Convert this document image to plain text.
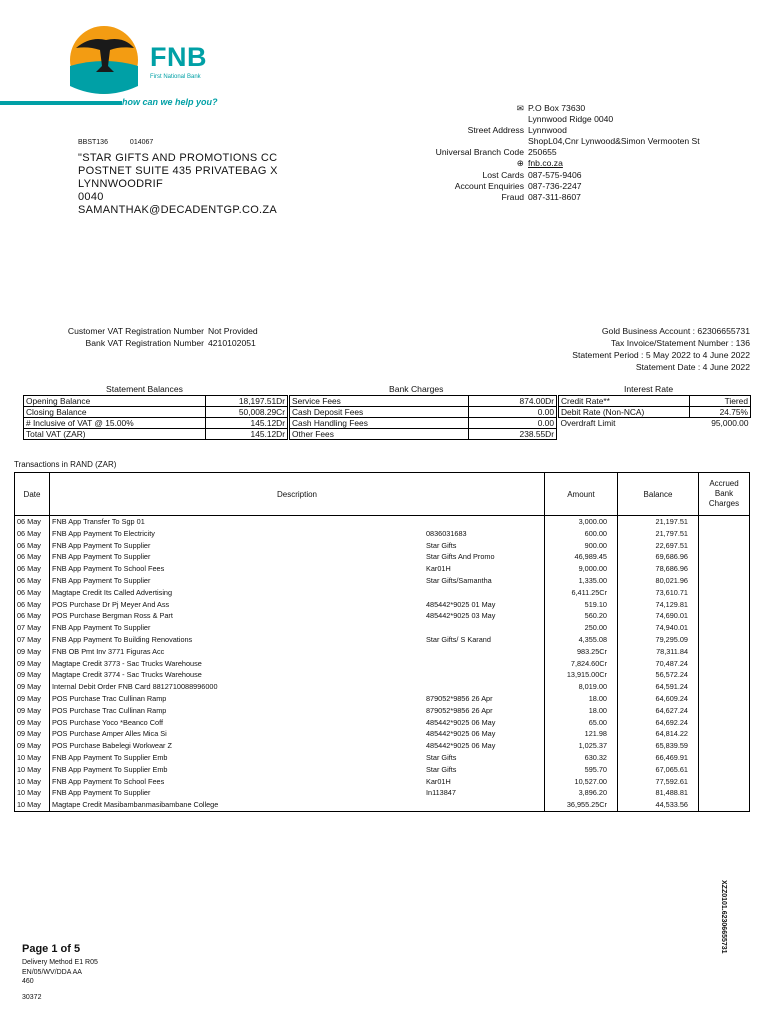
FNB
First National Bank
how can we help you?
BBST136	014067
"STAR GIFTS AND PROMOTIONS CC
POSTNET SUITE 435 PRIVATEBAG X
LYNNWOODRIF
0040
SAMANTHAK@DECADENTGP.CO.ZA
✉ P.O Box 73630
Lynnwood Ridge 0040
Street Address Lynnwood
ShopL04,Cnr Lynwood&Simon Vermooten St
Universal Branch Code 250655
⊕ fnb.co.za
Lost Cards 087-575-9406
Account Enquiries 087-736-2247
Fraud 087-311-8607
Customer VAT Registration Number Not Provided
Bank VAT Registration Number 4210102051
Gold Business Account : 62306655731
Tax Invoice/Statement Number : 136
Statement Period : 5 May 2022 to 4 June 2022
Statement Date : 4 June 2022
Statement Balances	Bank Charges	Interest Rate
Opening Balance	18,197.51Dr
Closing Balance	50,008.29Cr
# Inclusive of VAT @ 15.00%	145.12Dr
Total VAT (ZAR)	145.12Dr
Service Fees	874.00Dr
Cash Deposit Fees	0.00
Cash Handling Fees	0.00
Other Fees	238.55Dr
Credit Rate**	Tiered
Debit Rate (Non-NCA)	24.75%
Overdraft Limit	95,000.00
Transactions in RAND (ZAR)
Date	Description		Amount	Balance	Accrued Bank Charges
06 May	FNB App Transfer To Sgp 01		3,000.00	21,197.51	
06 May	FNB App Payment To Electricity	0836031683	600.00	21,797.51	
06 May	FNB App Payment To Supplier	Star Gifts	900.00	22,697.51	
06 May	FNB App Payment To Supplier	Star Gifts And Promo	46,989.45	69,686.96	
06 May	FNB App Payment To School Fees	Kar01H	9,000.00	78,686.96	
06 May	FNB App Payment To Supplier	Star Gifts/Samantha	1,335.00	80,021.96	
06 May	Magtape Credit Its Called Advertising		6,411.25Cr	73,610.71	
06 May	POS Purchase Dr Pj Meyer And Ass	485442*9025 01 May	519.10	74,129.81	
06 May	POS Purchase Bergman Ross & Part	485442*9025 03 May	560.20	74,690.01	
07 May	FNB App Payment To Supplier		250.00	74,940.01	
07 May	FNB App Payment To Building Renovations	Star Gifts/ S Karand	4,355.08	79,295.09	
09 May	FNB OB Pmt Inv 3771 Figuras Acc		983.25Cr	78,311.84	
09 May	Magtape Credit 3773 - Sac Trucks Warehouse		7,824.60Cr	70,487.24	
09 May	Magtape Credit 3774 - Sac Trucks Warehouse		13,915.00Cr	56,572.24	
09 May	Internal Debit Order FNB Card 8812710088996000		8,019.00	64,591.24	
09 May	POS Purchase Trac Cullinan Ramp	879052*9856 26 Apr	18.00	64,609.24	
09 May	POS Purchase Trac Cullinan Ramp	879052*9856 26 Apr	18.00	64,627.24	
09 May	POS Purchase Yoco *Beanco Coff	485442*9025 06 May	65.00	64,692.24	
09 May	POS Purchase Amper Alles Mica Si	485442*9025 06 May	121.98	64,814.22	
09 May	POS Purchase Babelegi Workwear Z	485442*9025 06 May	1,025.37	65,839.59	
10 May	FNB App Payment To Supplier Emb	Star Gifts	630.32	66,469.91	
10 May	FNB App Payment To Supplier Emb	Star Gifts	595.70	67,065.61	
10 May	FNB App Payment To School Fees	Kar01H	10,527.00	77,592.61	
10 May	FNB App Payment To Supplier	In113847	3,896.20	81,488.81	
10 May	Magtape Credit Masibambanmasibambane College		36,955.25Cr	44,533.56	
Page 1 of 5
Delivery Method E1 R05
EN/05/WV/DDA AA
460
30372
XZZ0101.62306655731
